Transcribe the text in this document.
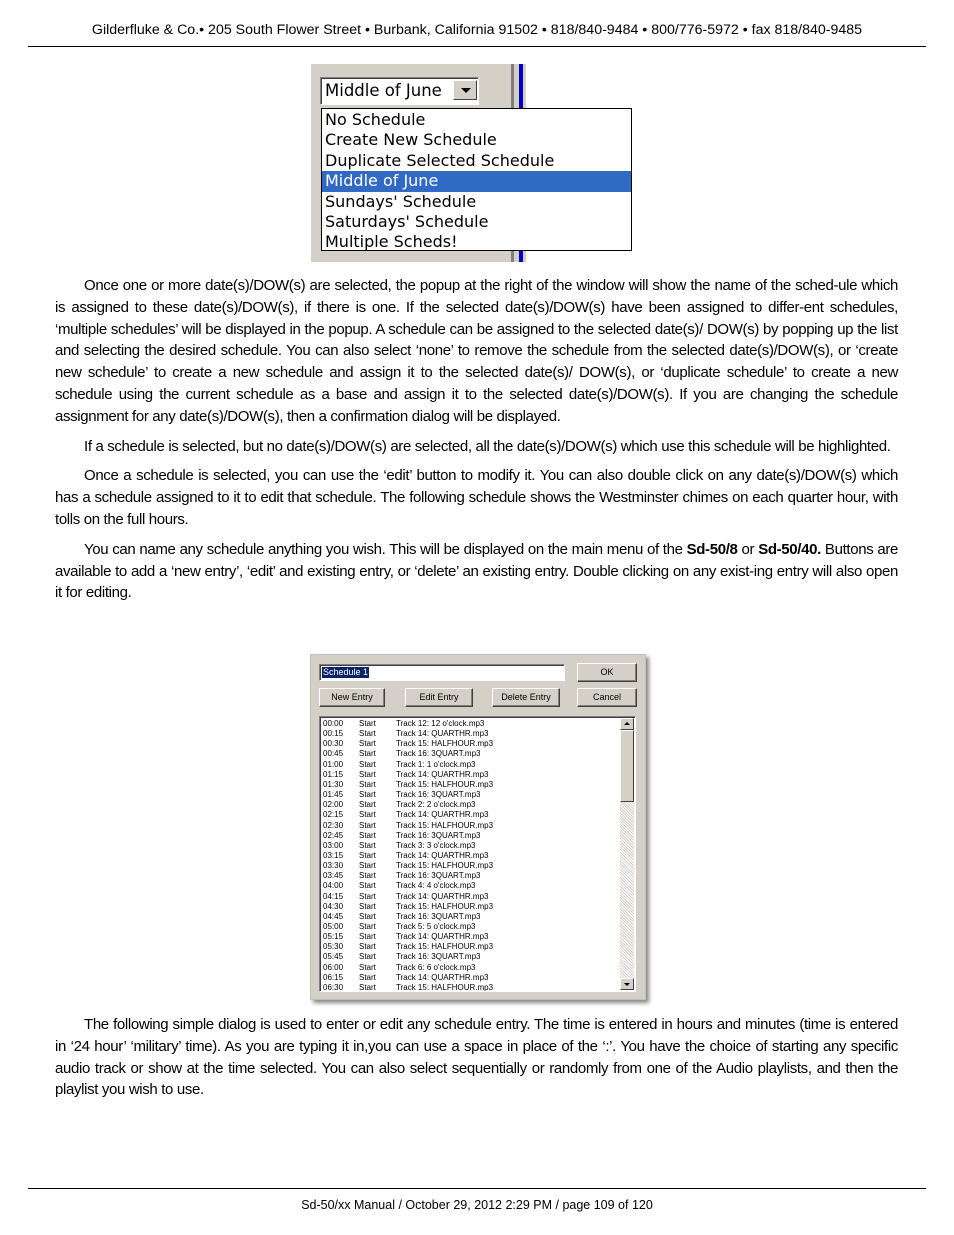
Gilderfluke & Co.• 205 South Flower Street • Burbank, California 91502 • 818/840-9484 • 800/776-5972 • fax 818/840-9485
Middle of June
No Schedule
Create New Schedule
Duplicate Selected Schedule
Middle of June
Sundays' Schedule
Saturdays' Schedule
Multiple Scheds!

Once one or more date(s)/DOW(s) are selected, the popup at the right of the window will show the name of the sched-ule which is assigned to these date(s)/DOW(s), if there is one. If the selected date(s)/DOW(s) have been assigned to differ-ent schedules, ‘multiple schedules’ will be displayed in the popup. A schedule can be assigned to the selected date(s)/ DOW(s) by popping up the list and selecting the desired schedule. You can also select ‘none’ to remove the schedule from the selected date(s)/DOW(s), or ‘create new schedule’ to create a new schedule and assign it to the selected date(s)/ DOW(s), or ‘duplicate schedule’ to create a new schedule using the current schedule as a base and assign it to the selected date(s)/DOW(s). If you are changing the schedule assignment for any date(s)/DOW(s), then a confirmation dialog will be displayed.

If a schedule is selected, but no date(s)/DOW(s) are selected, all the date(s)/DOW(s) which use this schedule will be highlighted.

Once a schedule is selected, you can use the ‘edit’ button to modify it. You can also double click on any date(s)/DOW(s) which has a schedule assigned to it to edit that schedule. The following schedule shows the Westminster chimes on each quarter hour, with tolls on the full hours.

You can name any schedule anything you wish. This will be displayed on the main menu of the Sd-50/8 or Sd-50/40. Buttons are available to add a ‘new entry’, ‘edit’ and existing entry, or ‘delete’ an existing entry. Double clicking on any exist-ing entry will also open it for editing.

Schedule 1	OK
New Entry	Edit Entry	Delete Entry	Cancel
00:00 Start	Track 12: 12 o'clock.mp3
00:15 Start	Track 14: QUARTHR.mp3
00:30 Start	Track 15: HALFHOUR.mp3
00:45 Start	Track 16: 3QUART.mp3
01:00 Start	Track 1: 1 o'clock.mp3
01:15 Start	Track 14: QUARTHR.mp3
01:30 Start	Track 15: HALFHOUR.mp3
01:45 Start	Track 16: 3QUART.mp3
02:00 Start	Track 2: 2 o'clock.mp3
02:15 Start	Track 14: QUARTHR.mp3
02:30 Start	Track 15: HALFHOUR.mp3
02:45 Start	Track 16: 3QUART.mp3
03:00 Start	Track 3: 3 o'clock.mp3
03:15 Start	Track 14: QUARTHR.mp3
03:30 Start	Track 15: HALFHOUR.mp3
03:45 Start	Track 16: 3QUART.mp3
04:00 Start	Track 4: 4 o'clock.mp3
04:15 Start	Track 14: QUARTHR.mp3
04:30 Start	Track 15: HALFHOUR.mp3
04:45 Start	Track 16: 3QUART.mp3
05:00 Start	Track 5: 5 o'clock.mp3
05:15 Start	Track 14: QUARTHR.mp3
05:30 Start	Track 15: HALFHOUR.mp3
05:45 Start	Track 16: 3QUART.mp3
06:00 Start	Track 6: 6 o'clock.mp3
06:15 Start	Track 14: QUARTHR.mp3
06:30 Start	Track 15: HALFHOUR.mp3

The following simple dialog is used to enter or edit any schedule entry. The time is entered in hours and minutes (time is entered in ‘24 hour’ ‘military’ time). As you are typing it in,you can use a space in place of the ‘:’. You have the choice of starting any specific audio track or show at the time selected. You can also select sequentially or randomly from one of the Audio playlists, and then the playlist you wish to use.

Sd-50/xx Manual / October 29, 2012 2:29 PM / page 109 of 120
